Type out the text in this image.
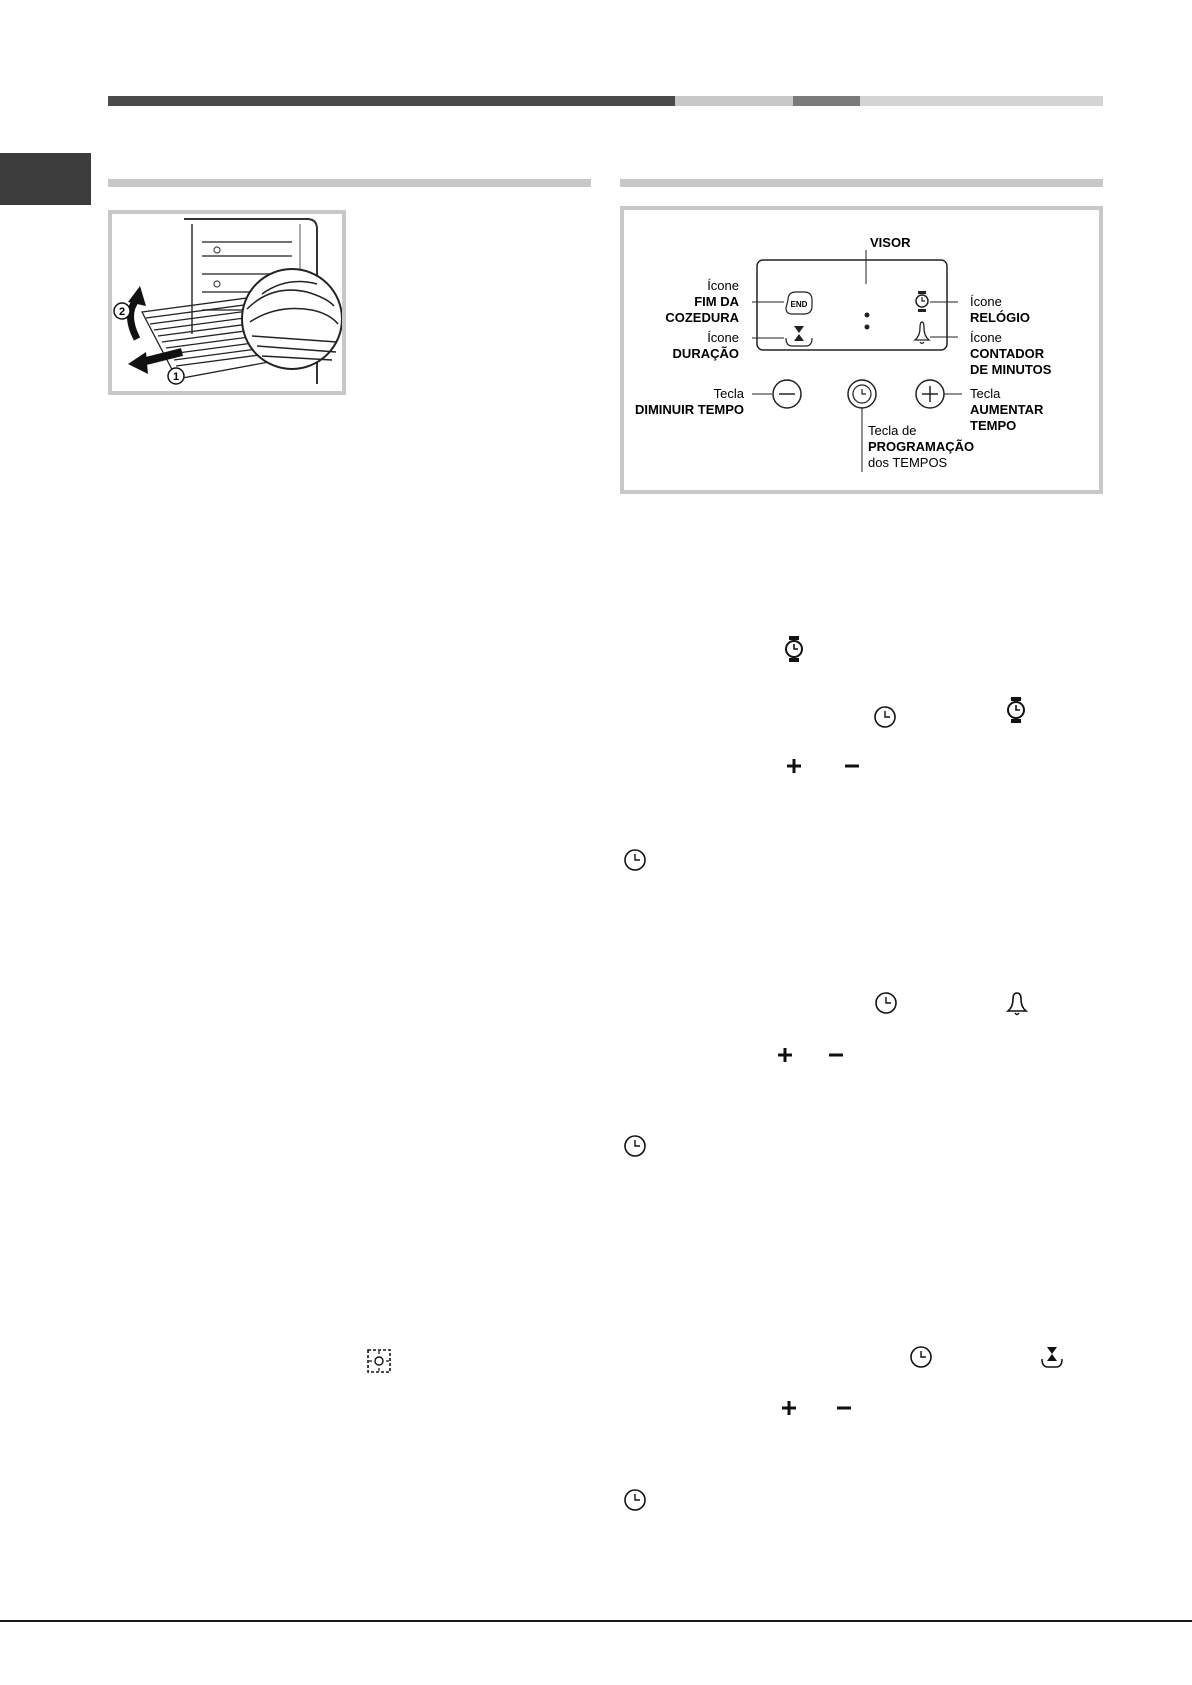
2
1
VISOR
END
Ícone
FIM DA
COZEDURA
Ícone
DURAÇÃO
Ícone
RELÓGIO
Ícone
CONTADOR
DE MINUTOS
Tecla
DIMINUIR TEMPO
Tecla de
PROGRAMAÇÃO
dos TEMPOS
Tecla
AUMENTAR
TEMPO
